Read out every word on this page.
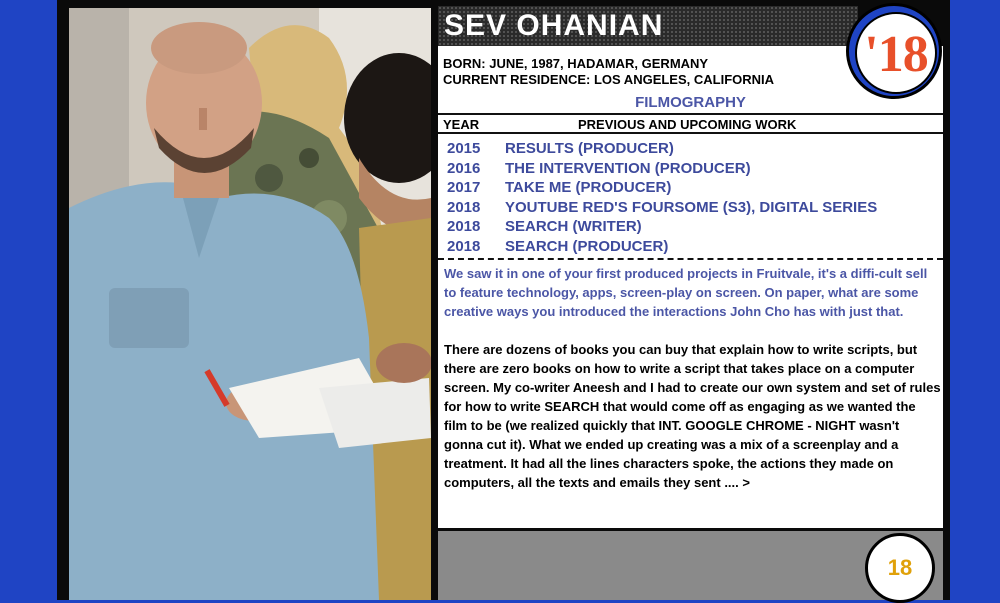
SEV OHANIAN
BORN: JUNE, 1987, HADAMAR, GERMANY
CURRENT RESIDENCE: LOS ANGELES, CALIFORNIA
FILMOGRAPHY
YEAR	PREVIOUS AND UPCOMING WORK
2015 RESULTS (PRODUCER)
2016 THE INTERVENTION (PRODUCER)
2017 TAKE ME (PRODUCER)
2018 YOUTUBE RED'S FOURSOME (S3), DIGITAL SERIES
2018 SEARCH (WRITER)
2018 SEARCH (PRODUCER)
We saw it in one of your first produced projects in Fruitvale, it's a diffi-cult sell to feature technology, apps, screen-play on screen. On paper, what are some creative ways you introduced the interactions John Cho has with just that.
There are dozens of books you can buy that explain how to write scripts, but there are zero books on how to write a script that takes place on a computer screen. My co-writer Aneesh and I had to create our own system and set of rules for how to write SEARCH that would come off as engaging as we wanted the film to be (we realized quickly that INT. GOOGLE CHROME - NIGHT wasn't gonna cut it). What we ended up creating was a mix of a screenplay and a treatment. It had all the lines characters spoke, the actions they made on computers, all the texts and emails they sent .... >
'18
18
